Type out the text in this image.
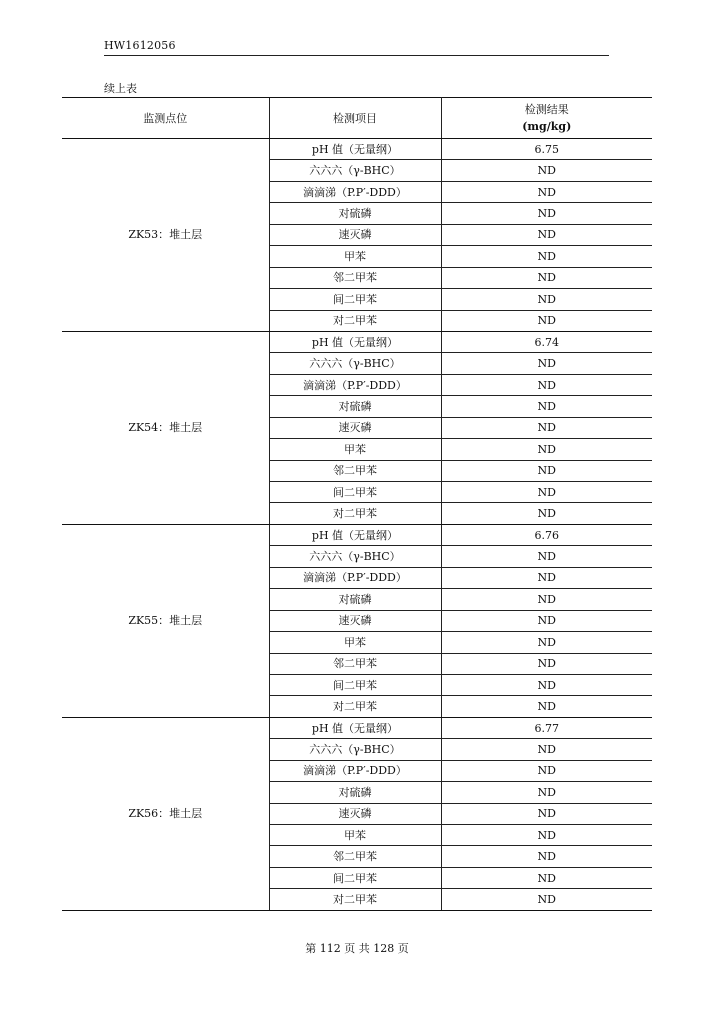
HW1612056
续上表
监测点位	检测项目	检测结果
(mg/kg)

ZK53：堆土层	pH 值（无量纲）	6.75
	六六六（γ-BHC）	ND
	滴滴涕（P.P′-DDD）	ND
	对硫磷	ND
	速灭磷	ND
	甲苯	ND
	邻二甲苯	ND
	间二甲苯	ND
	对二甲苯	ND
ZK54：堆土层	pH 值（无量纲）	6.74
	六六六（γ-BHC）	ND
	滴滴涕（P.P′-DDD）	ND
	对硫磷	ND
	速灭磷	ND
	甲苯	ND
	邻二甲苯	ND
	间二甲苯	ND
	对二甲苯	ND
ZK55：堆土层	pH 值（无量纲）	6.76
	六六六（γ-BHC）	ND
	滴滴涕（P.P′-DDD）	ND
	对硫磷	ND
	速灭磷	ND
	甲苯	ND
	邻二甲苯	ND
	间二甲苯	ND
	对二甲苯	ND
ZK56：堆土层	pH 值（无量纲）	6.77
	六六六（γ-BHC）	ND
	滴滴涕（P.P′-DDD）	ND
	对硫磷	ND
	速灭磷	ND
	甲苯	ND
	邻二甲苯	ND
	间二甲苯	ND
	对二甲苯	ND
第 112 页 共 128 页
